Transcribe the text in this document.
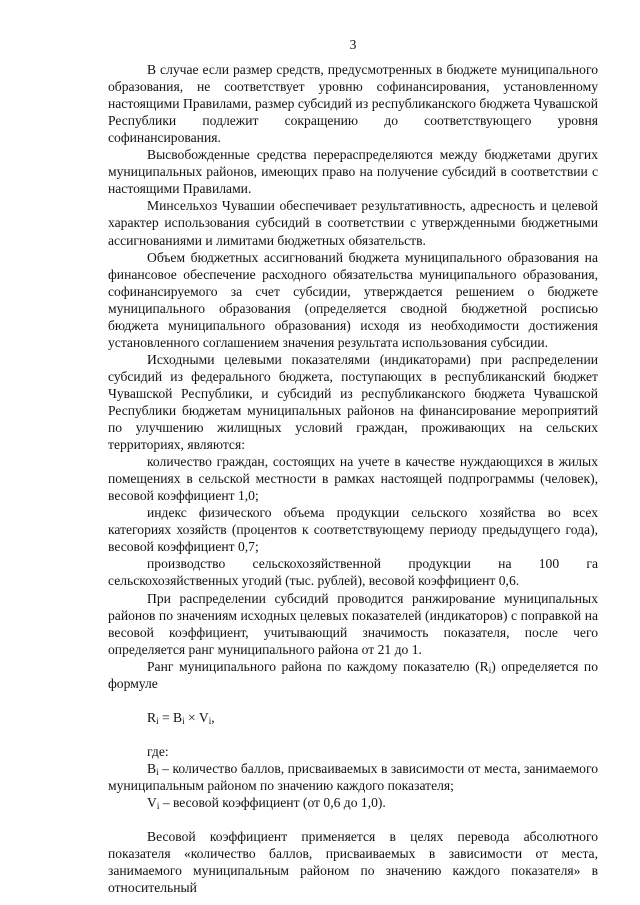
3

В случае если размер средств, предусмотренных в бюджете муниципального образования, не соответствует уровню софинансирования, установленному настоящими Правилами, размер субсидий из республиканского бюджета Чувашской Республики подлежит сокращению до соответствующего уровня софинансирования.

Высвобожденные средства перераспределяются между бюджетами других муниципальных районов, имеющих право на получение субсидий в соответствии с настоящими Правилами.

Минсельхоз Чувашии обеспечивает результативность, адресность и целевой характер использования субсидий в соответствии с утвержденными бюджетными ассигнованиями и лимитами бюджетных обязательств.

Объем бюджетных ассигнований бюджета муниципального образования на финансовое обеспечение расходного обязательства муниципального образования, софинансируемого за счет субсидии, утверждается решением о бюджете муниципального образования (определяется сводной бюджетной росписью бюджета муниципального образования) исходя из необходимости достижения установленного соглашением значения результата использования субсидии.

Исходными целевыми показателями (индикаторами) при распределении субсидий из федерального бюджета, поступающих в республиканский бюджет Чувашской Республики, и субсидий из республиканского бюджета Чувашской Республики бюджетам муниципальных районов на финансирование мероприятий по улучшению жилищных условий граждан, проживающих на сельских территориях, являются:

количество граждан, состоящих на учете в качестве нуждающихся в жилых помещениях в сельской местности в рамках настоящей подпрограммы (человек), весовой коэффициент 1,0;

индекс физического объема продукции сельского хозяйства во всех категориях хозяйств (процентов к соответствующему периоду предыдущего года), весовой коэффициент 0,7;

производство сельскохозяйственной продукции на 100 га сельскохозяйственных угодий (тыс. рублей), весовой коэффициент 0,6.

При распределении субсидий проводится ранжирование муниципальных районов по значениям исходных целевых показателей (индикаторов) с поправкой на весовой коэффициент, учитывающий значимость показателя, после чего определяется ранг муниципального района от 21 до 1.

Ранг муниципального района по каждому показателю $(R_i)$ определяется по формуле

$R_i = B_i \times V_i$,

где:

$B_i$ – количество баллов, присваиваемых в зависимости от места, занимаемого муниципальным районом по значению каждого показателя;

$V_i$ – весовой коэффициент (от 0,6 до 1,0).

Весовой коэффициент применяется в целях перевода абсолютного показателя «количество баллов, присваиваемых в зависимости от места, занимаемого муниципальным районом по значению каждого показателя» в относительный
